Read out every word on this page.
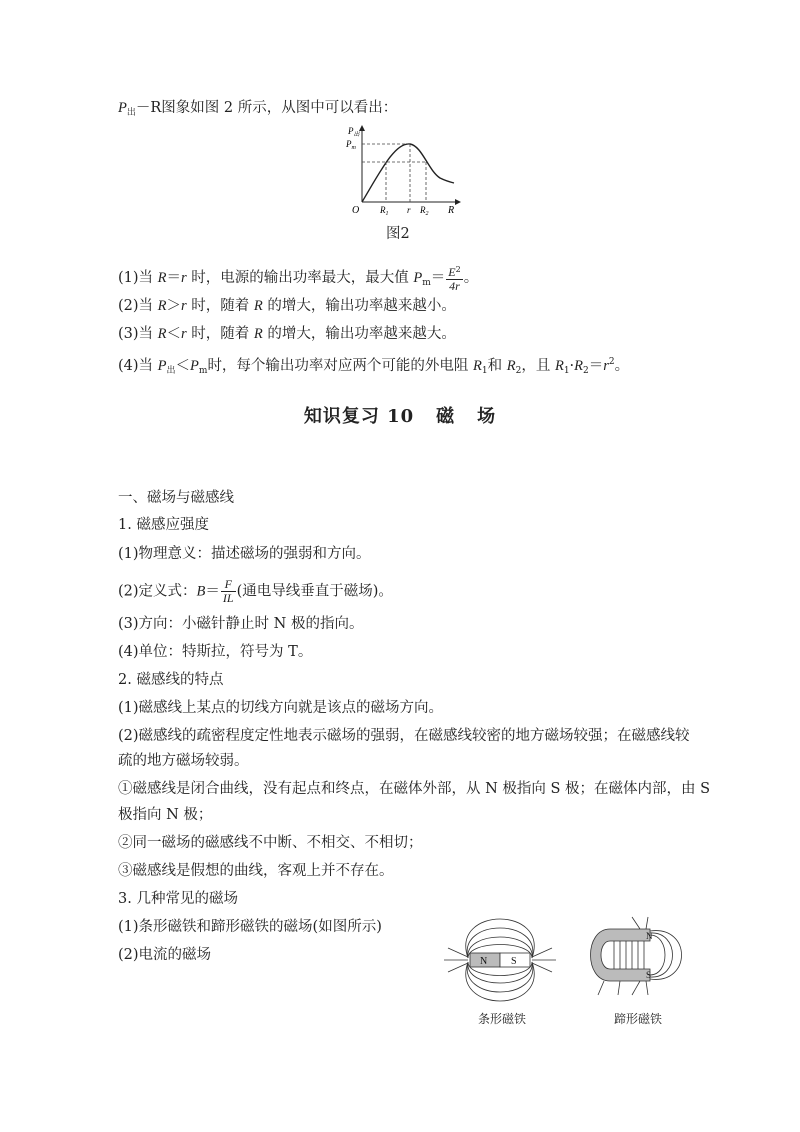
$P_出-R$图象如图 2 所示，从图中可以看出：
$P_出$
$P_m$
O $R_1$ r $R_2$ R
图2
(1)当 R＝r 时，电源的输出功率最大，最大值 $P_m= \frac{E^2}{4r}$ 。
(2)当 R＞r 时，随着 R 的增大，输出功率越来越小。
(3)当 R＜r 时，随着 R 的增大，输出功率越来越大。
(4)当 $P_出<P_m$时，每个输出功率对应两个可能的外电阻 $R_1$和 $R_2$，且 $R_1\cdot R_2=r^2$。
知识复习 10 磁 场
一、磁场与磁感线
1. 磁感应强度
(1)物理意义：描述磁场的强弱和方向。
(2)定义式：$B= \frac{F}{IL}$ (通电导线垂直于磁场)。
(3)方向：小磁针静止时 N 极的指向。
(4)单位：特斯拉，符号为 T。
2. 磁感线的特点
(1)磁感线上某点的切线方向就是该点的磁场方向。
(2)磁感线的疏密程度定性地表示磁场的强弱，在磁感线较密的地方磁场较强；在磁感线较
疏的地方磁场较弱。
①磁感线是闭合曲线，没有起点和终点，在磁体外部，从 N 极指向 S 极；在磁体内部，由 S
极指向 N 极；
②同一磁场的磁感线不中断、不相交、不相切；
③磁感线是假想的曲线，客观上并不存在。
3. 几种常见的磁场
(1)条形磁铁和蹄形磁铁的磁场(如图所示)
(2)电流的磁场	N S
条形磁铁
N
S
蹄形磁铁
